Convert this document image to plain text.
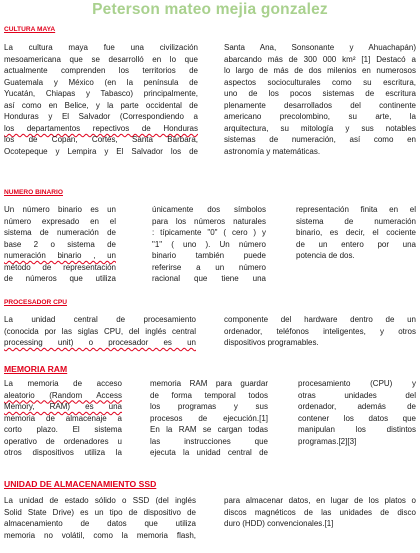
Peterson mateo mejia gonzalez
CULTURA MAYA
La cultura maya fue una civilización
mesoamericana que se desarrolló en lo que
actualmente comprenden los territorios de
Guatemala y México (en la península de
Yucatán, Chiapas y Tabasco) principalmente,
así como en Belice, y la parte occidental de
Honduras y El Salvador (Correspondiendo a
los departamentos repectivos de Honduras
los de Copán, Cortés, Santa Bárbara,
Ocotepeque y Lempira y El Salvador los de
Santa Ana, Sonsonante y Ahuachapán)
abarcando más de 300 000 km² [1] Destacó a
lo largo de más de dos milenios en numerosos
aspectos socioculturales como su escritura,
uno de los pocos sistemas de escritura
plenamente desarrollados del continente
americano precolombino, su arte, la
arquitectura, su mitología y sus notables
sistemas de numeración, así como en
astronomía y matemáticas.
NUMERO BINARIO
Un número binario es un
número expresado en el
sistema de numeración de
base 2 o sistema de
numeración binario , un
método de representación
de números que utiliza
únicamente dos símbolos
para los números naturales
: típicamente "0" ( cero ) y
"1" ( uno ). Un número
binario también puede
referirse a un número
racional que tiene una
representación finita en el
sistema de numeración
binario, es decir, el cociente
de un entero por una
potencia de dos.
PROCESADOR CPU
La unidad central de procesamiento
(conocida por las siglas CPU, del inglés central
processing unit) o procesador es un
componente del hardware dentro de un
ordenador, teléfonos inteligentes, y otros
dispositivos programables.
MEMORIA RAM
La memoria de acceso
aleatorio (Random Access
Memory, RAM) es una
memoria de almacenaje a
corto plazo. El sistema
operativo de ordenadores u
otros dispositivos utiliza la
memoria RAM para guardar
de forma temporal todos
los programas y sus
procesos de ejecución.[1]
En la RAM se cargan todas
las instrucciones que
ejecuta la unidad central de
procesamiento (CPU) y
otras unidades del
ordenador, además de
contener los datos que
manipulan los distintos
programas.[2][3]
UNIDAD DE ALMACENAMIENTO SSD
La unidad de estado sólido o SSD (del inglés
Solid State Drive) es un tipo de dispositivo de
almacenamiento de datos que utiliza
memoria no volátil, como la memoria flash,
para almacenar datos, en lugar de los platos o
discos magnéticos de las unidades de disco
duro (HDD) convencionales.[1]
